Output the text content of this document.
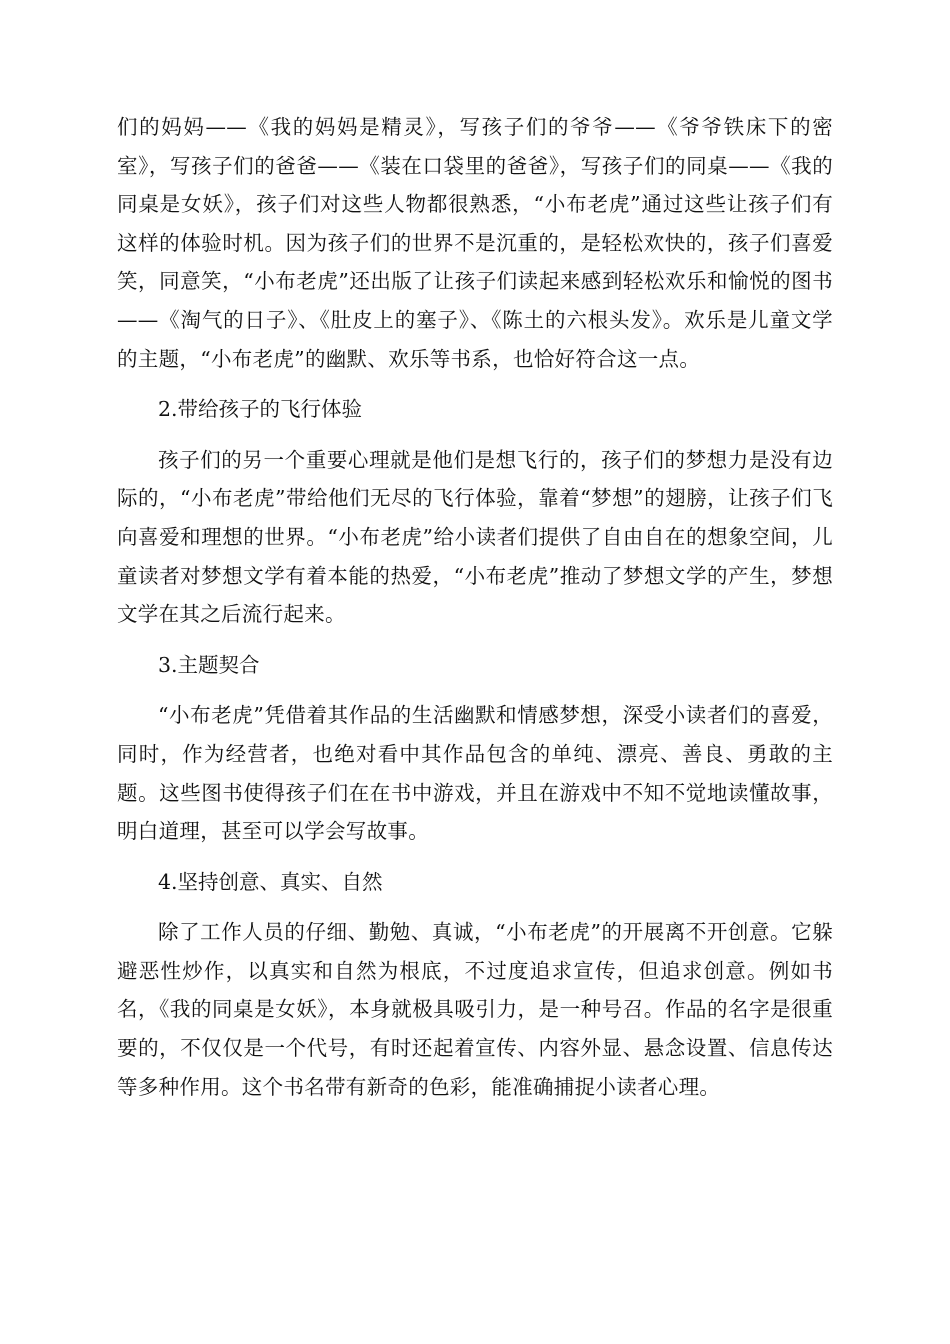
们的妈妈——《我的妈妈是精灵》，写孩子们的爷爷——《爷爷铁床下的密室》，写孩子们的爸爸——《装在口袋里的爸爸》，写孩子们的同桌——《我的同桌是女妖》，孩子们对这些人物都很熟悉，“小布老虎”通过这些让孩子们有这样的体验时机。因为孩子们的世界不是沉重的，是轻松欢快的，孩子们喜爱笑，同意笑，“小布老虎”还出版了让孩子们读起来感到轻松欢乐和愉悦的图书——《淘气的日子》、《肚皮上的塞子》、《陈土的六根头发》。欢乐是儿童文学的主题，“小布老虎”的幽默、欢乐等书系，也恰好符合这一点。

2.带给孩子的飞行体验

孩子们的另一个重要心理就是他们是想飞行的，孩子们的梦想力是没有边际的，“小布老虎”带给他们无尽的飞行体验，靠着“梦想”的翅膀，让孩子们飞向喜爱和理想的世界。“小布老虎”给小读者们提供了自由自在的想象空间，儿童读者对梦想文学有着本能的热爱，“小布老虎”推动了梦想文学的产生，梦想文学在其之后流行起来。

3.主题契合

“小布老虎”凭借着其作品的生活幽默和情感梦想，深受小读者们的喜爱，同时，作为经营者，也绝对看中其作品包含的单纯、漂亮、善良、勇敢的主题。这些图书使得孩子们在在书中游戏，并且在游戏中不知不觉地读懂故事，明白道理，甚至可以学会写故事。

4.坚持创意、真实、自然

除了工作人员的仔细、勤勉、真诚，“小布老虎”的开展离不开创意。它躲避恶性炒作，以真实和自然为根底，不过度追求宣传，但追求创意。例如书名，《我的同桌是女妖》，本身就极具吸引力，是一种号召。作品的名字是很重要的，不仅仅是一个代号，有时还起着宣传、内容外显、悬念设置、信息传达等多种作用。这个书名带有新奇的色彩，能准确捕捉小读者心理。
